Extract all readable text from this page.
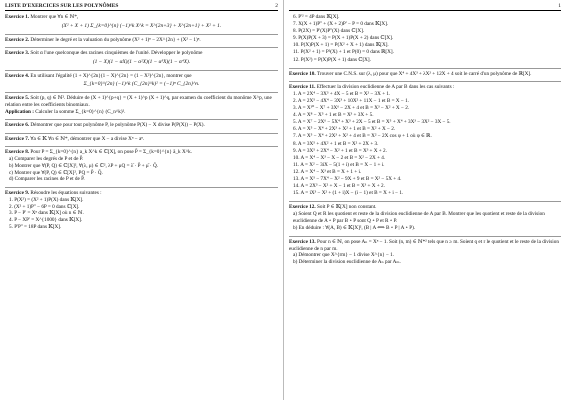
LISTE D'EXERCICES SUR LES POLYNÔMES	2
Exercice 1. Montrer que ∀n ∈ ℕ*,
(X² + X + 1) Σ_{k=0}^{n} (−1)^k X^k = X^{2n+3} + X^{2n+1} + X² + 1.
Exercice 2. Déterminer le degré et la valuation du polynôme (X² + 1)ⁿ − 2X^{2n} + (X² − 1)ⁿ.
Exercice 3. Soit α l'une quelconque des racines cinquièmes de l'unité. Développer le polynôme
(1 − X)(1 − αX)(1 − α²X)(1 − α³X)(1 − α⁴X).
Exercice 4. En utilisant l'égalité (1 + X)^{2n}(1 − X)^{2n} = (1 − X²)^{2n}, montrer que
Σ_{k=0}^{2n} (−1)^k (C_{2n}^k)² = (−1)ⁿ C_{2n}^n.
Exercice 5. Soit (p, q) ∈ ℕ². Déduire de (X + 1)^{p+q} = (X + 1)^p (X + 1)^q, par examen du coefficient du monôme X^p, une relation entre les coefficients binomiaux.
Application : Calculer la somme Σ_{k=0}^{n} (C_n^k)².
Exercice 6. Démontrer que pour tout polynôme P, le polynôme P(X) − X divise P(P(X)) − P(X).
Exercice 7. ∀a ∈ 𝕂 ∀n ∈ ℕ*, démontrer que X − a divise Xⁿ − aⁿ.
Exercice 8. Pour P = Σ_{k=0}^{n} a_k X^k ∈ ℂ[X], on pose P̄ = Σ_{k=0}^{n} ā_k X^k.
a) Comparer les degrés de P et de P̄.
b) Montrer que ∀(P, Q) ∈ ℂ[X]², ∀(λ, μ) ∈ ℂ², λP + μQ = λ̄ · P̄ + μ̄ · Q̄.
c) Montrer que ∀(P, Q) ∈ ℂ[X]², PQ = P̄ · Q̄.
d) Comparer les racines de P et de P̄.
Exercice 9. Résoudre les équations suivantes :
1. P(X²) = (X² + 1)P(X) dans 𝕂[X].
2. (X² + 1)P'' − 6P = 0 dans ℂ[X].
3. P − P' = Xⁿ dans 𝕂[X] où n ∈ ℕ.
4. P − XP' = X^{1000} dans 𝕂[X].
5. P'P'' = 18P dans 𝕂[X].
1
6. P'² = 4P dans 𝕂[X].
7. X(X + 1)P'' + (X + 2)P' − P = 0 dans 𝕂[X].
8. P(2X) = P'(X)P''(X) dans ℂ[X].
9. P(X)P(X + 3) = P(X + 1)P(X + 2) dans ℂ[X].
10. P(X)P(X + 1) = P(X² + X + 1) dans 𝕂[X].
11. P(X² + 1) = P²(X) + 1 et P(0) = 0 dans ℝ[X].
12. P(X²) = P(X)P(X + 1) dans ℂ[X].
Exercice 10. Trouver une C.N.S. sur (λ, μ) pour que X⁴ + 4X³ + λX² + 12X + 4 soit le carré d'un polynôme de ℝ[X].
Exercice 11. Effectuer la division euclidienne de A par B dans les cas suivants :
1. A = 2X⁴ − 3X³ + 4X − 5 et B = X² − 3X + 1.
2. A = 2X⁵ − 4X⁴ − 3X³ + 10X² + 11X − 1 et B = X − 1.
3. A = X¹⁰ − X⁷ + 3X⁶ − 2X + 4 et B = X³ − X² + X − 2.
4. A = X⁸ − X⁵ + 1 et B = X³ + 3X + 5.
5. A = X⁷ − 2X⁶ − 5X⁴ + X³ + 2X − 5 et B = X⁵ + X⁴ + 3X³ − 3X² − 3X − 5.
6. A = X⁵ − X⁴ + 2X³ + X² + 1 et B = X² + X − 2.
7. A = X⁵ − X⁴ + 2X³ + X² + 4 et B = X² − 2X cos φ + 1 où φ ∈ ℝ.
8. A = 3X⁵ + 4X² + 1 et B = X² + 2X + 3.
9. A = 3X⁵ + 2X⁴ − X² + 1 et B = X³ + X + 2.
10. A = X⁴ − X³ − X − 2 et B = X² − 2X + 4.
11. A = X² − 3iX − 5(1 + i) et B = X − 1 + i.
12. A = X⁴ − X³ et B = X + 1 + i.
13. A = X⁵ − 7X⁴ − X² − 9X + 9 et B = X² − 5X + 4.
14. A = 2X³ − X² + X − 1 et B = X³ + X + 2.
15. A = iX³ − X² + (1 + i)X − (i − 1) et B = X + i − 1.
Exercice 12. Soit P ∈ 𝕂[X] non constant.
a) Soient Q et R les quotient et reste de la division euclidienne de A par B. Montrer que les quotient et reste de la division euclidienne de A ∘ P par B ∘ P sont Q ∘ P et R ∘ P.
b) En déduire : ∀(A, B) ∈ 𝕂[X]², (B | A ⟺ B ∘ P | A ∘ P).
Exercice 13. Pour n ∈ ℕ, on pose Aₙ = Xⁿ − 1. Soit (n, m) ∈ ℕ*² tels que n ≥ m. Soient q et r le quotient et le reste de la division euclidienne de n par m.
a) Démontrer que X^{rm} − 1 divise X^{n} − 1.
b) Déterminer la division euclidienne de Aₙ par Aₘ.
